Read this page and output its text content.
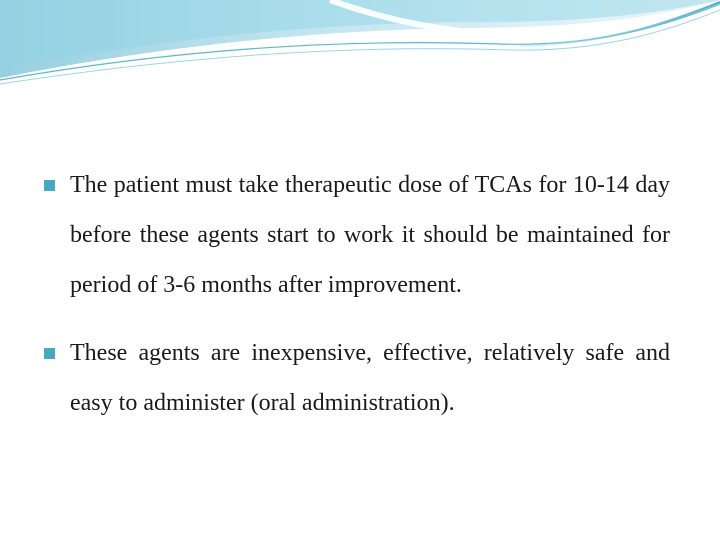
The patient must take therapeutic dose of TCAs for 10-14 day before these agents start to work it should be maintained for period of 3-6 months after improvement.
These agents are inexpensive, effective, relatively safe and easy to administer (oral administration).
